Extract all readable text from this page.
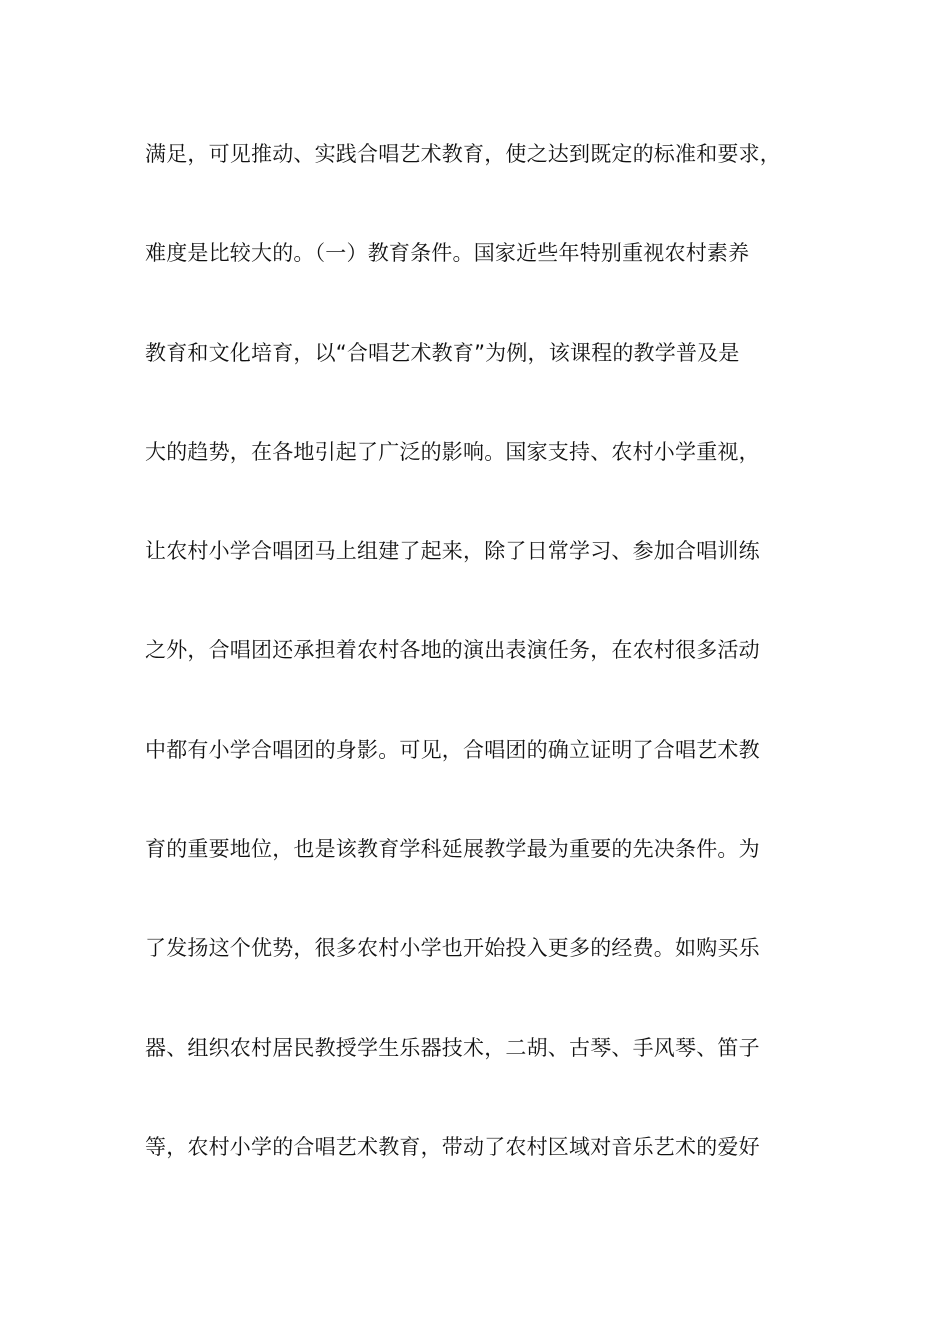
满足，可见推动、实践合唱艺术教育，使之达到既定的标准和要求，
难度是比较大的。（一）教育条件。国家近些年特别重视农村素养
教育和文化培育，以“合唱艺术教育”为例，该课程的教学普及是
大的趋势，在各地引起了广泛的影响。国家支持、农村小学重视，
让农村小学合唱团马上组建了起来，除了日常学习、参加合唱训练
之外，合唱团还承担着农村各地的演出表演任务，在农村很多活动
中都有小学合唱团的身影。可见，合唱团的确立证明了合唱艺术教
育的重要地位，也是该教育学科延展教学最为重要的先决条件。为
了发扬这个优势，很多农村小学也开始投入更多的经费。如购买乐
器、组织农村居民教授学生乐器技术，二胡、古琴、手风琴、笛子
等，农村小学的合唱艺术教育，带动了农村区域对音乐艺术的爱好
